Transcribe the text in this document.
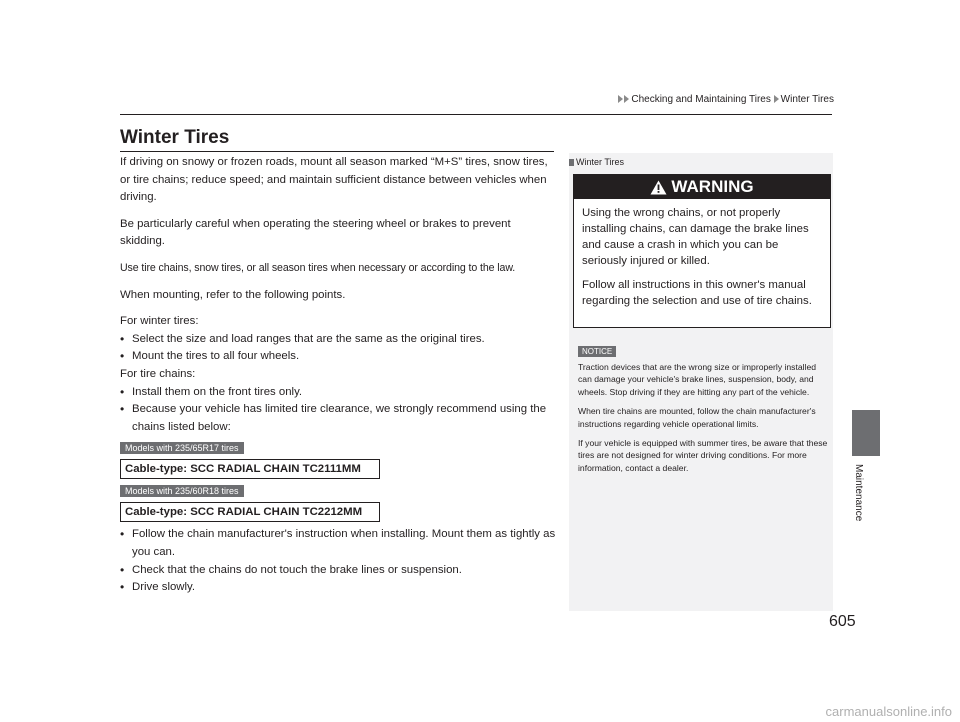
Checking and Maintaining Tires Winter Tires
Maintenance
Winter Tires

If driving on snowy or frozen roads, mount all season marked “M+S” tires, snow tires, or tire chains; reduce speed; and maintain sufficient distance between vehicles when driving.

Be particularly careful when operating the steering wheel or brakes to prevent skidding.

Use tire chains, snow tires, or all season tires when necessary or according to the law.

When mounting, refer to the following points.

For winter tires:
• Select the size and load ranges that are the same as the original tires.
• Mount the tires to all four wheels.
For tire chains:
• Install them on the front tires only.
• Because your vehicle has limited tire clearance, we strongly recommend using the chains listed below:
Models with 235/65R17 tires
Cable-type: SCC RADIAL CHAIN TC2111MM
Models with 235/60R18 tires
Cable-type: SCC RADIAL CHAIN TC2212MM
• Follow the chain manufacturer's instruction when installing. Mount them as tightly as you can.
• Check that the chains do not touch the brake lines or suspension.
• Drive slowly.
Winter Tires
WARNING

Using the wrong chains, or not properly installing chains, can damage the brake lines and cause a crash in which you can be seriously injured or killed.

Follow all instructions in this owner's manual regarding the selection and use of tire chains.

NOTICE

Traction devices that are the wrong size or improperly installed can damage your vehicle's brake lines, suspension, body, and wheels. Stop driving if they are hitting any part of the vehicle.

When tire chains are mounted, follow the chain manufacturer's instructions regarding vehicle operational limits.

If your vehicle is equipped with summer tires, be aware that these tires are not designed for winter driving conditions. For more information, contact a dealer.

605
carmanualsonline.info
